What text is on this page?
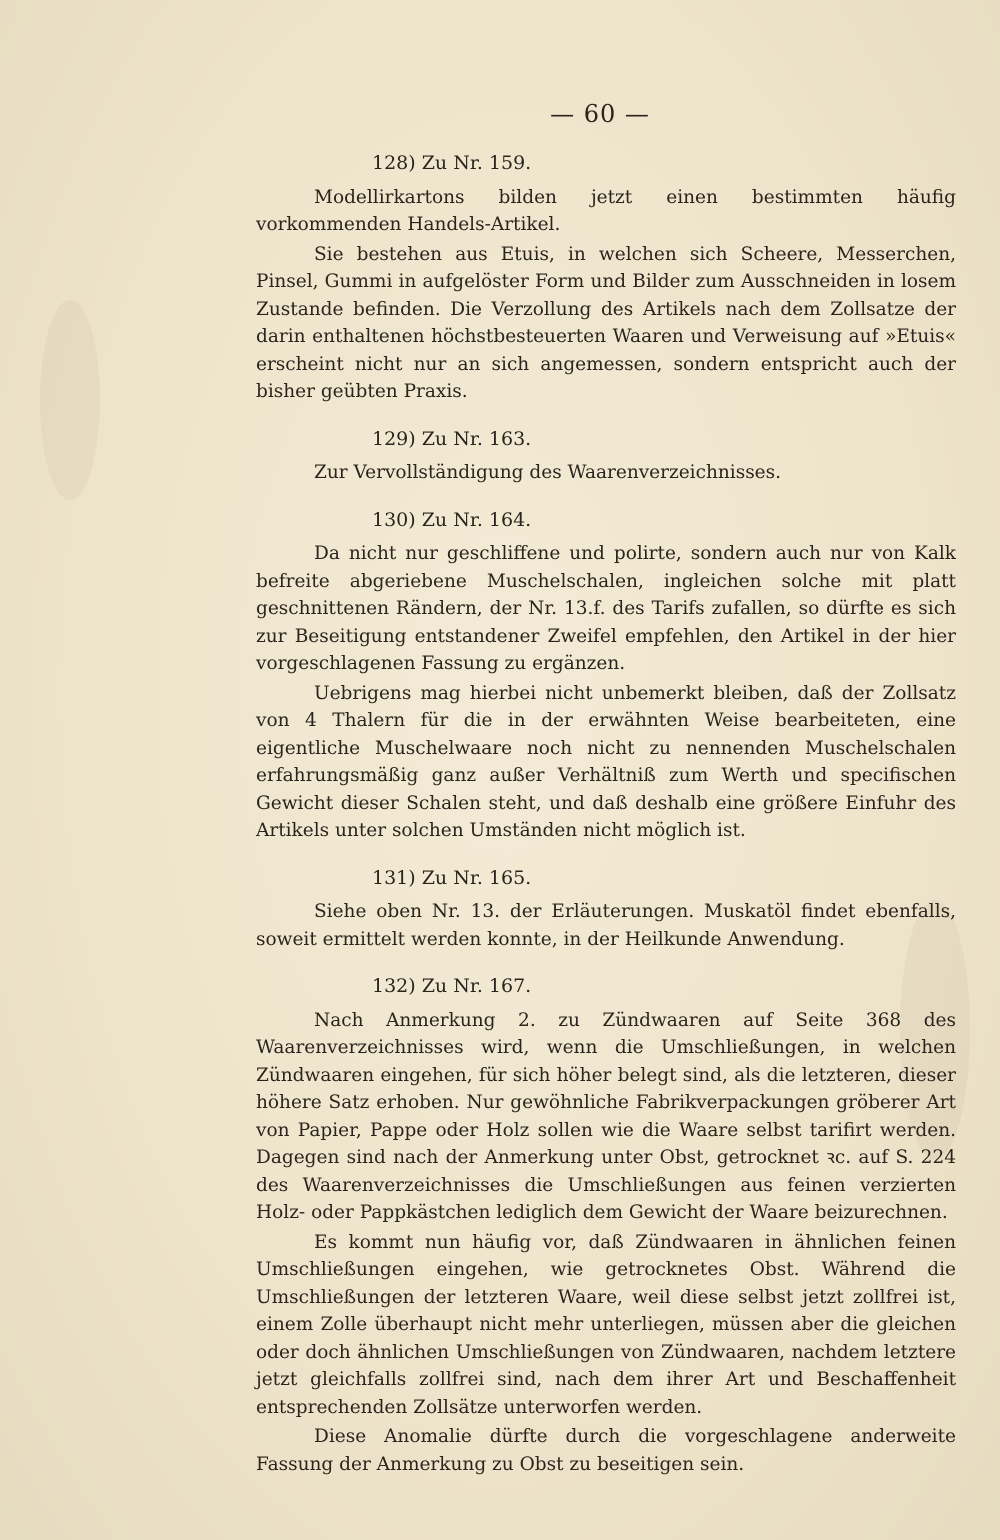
— 60 —
128) Zu Nr. 159.

Modellirkartons bilden jetzt einen bestimmten häufig vorkommenden Handels-Artikel.

Sie bestehen aus Etuis, in welchen sich Scheere, Messerchen, Pinsel, Gummi in aufgelöster Form und Bilder zum Ausschneiden in losem Zustande befinden. Die Verzollung des Artikels nach dem Zollsatze der darin enthaltenen höchstbesteuerten Waaren und Verweisung auf »Etuis« erscheint nicht nur an sich angemessen, sondern entspricht auch der bisher geübten Praxis.

129) Zu Nr. 163.

Zur Vervollständigung des Waarenverzeichnisses.

130) Zu Nr. 164.

Da nicht nur geschliffene und polirte, sondern auch nur von Kalk befreite abgeriebene Muschelschalen, ingleichen solche mit platt geschnittenen Rändern, der Nr. 13.f. des Tarifs zufallen, so dürfte es sich zur Beseitigung entstandener Zweifel empfehlen, den Artikel in der hier vorgeschlagenen Fassung zu ergänzen.

Uebrigens mag hierbei nicht unbemerkt bleiben, daß der Zollsatz von 4 Thalern für die in der erwähnten Weise bearbeiteten, eine eigentliche Muschelwaare noch nicht zu nennenden Muschelschalen erfahrungsmäßig ganz außer Verhältniß zum Werth und specifischen Gewicht dieser Schalen steht, und daß deshalb eine größere Einfuhr des Artikels unter solchen Umständen nicht möglich ist.

131) Zu Nr. 165.

Siehe oben Nr. 13. der Erläuterungen. Muskatöl findet ebenfalls, soweit ermittelt werden konnte, in der Heilkunde Anwendung.

132) Zu Nr. 167.

Nach Anmerkung 2. zu Zündwaaren auf Seite 368 des Waarenverzeichnisses wird, wenn die Umschließungen, in welchen Zündwaaren eingehen, für sich höher belegt sind, als die letzteren, dieser höhere Satz erhoben. Nur gewöhnliche Fabrikverpackungen gröberer Art von Papier, Pappe oder Holz sollen wie die Waare selbst tarifirt werden. Dagegen sind nach der Anmerkung unter Obst, getrocknet ꝛc. auf S. 224 des Waarenverzeichnisses die Umschließungen aus feinen verzierten Holz- oder Pappkästchen lediglich dem Gewicht der Waare beizurechnen.

Es kommt nun häufig vor, daß Zündwaaren in ähnlichen feinen Umschließungen eingehen, wie getrocknetes Obst. Während die Umschließungen der letzteren Waare, weil diese selbst jetzt zollfrei ist, einem Zolle überhaupt nicht mehr unterliegen, müssen aber die gleichen oder doch ähnlichen Umschließungen von Zündwaaren, nachdem letztere jetzt gleichfalls zollfrei sind, nach dem ihrer Art und Beschaffenheit entsprechenden Zollsätze unterworfen werden.

Diese Anomalie dürfte durch die vorgeschlagene anderweite Fassung der Anmerkung zu Obst zu beseitigen sein.
